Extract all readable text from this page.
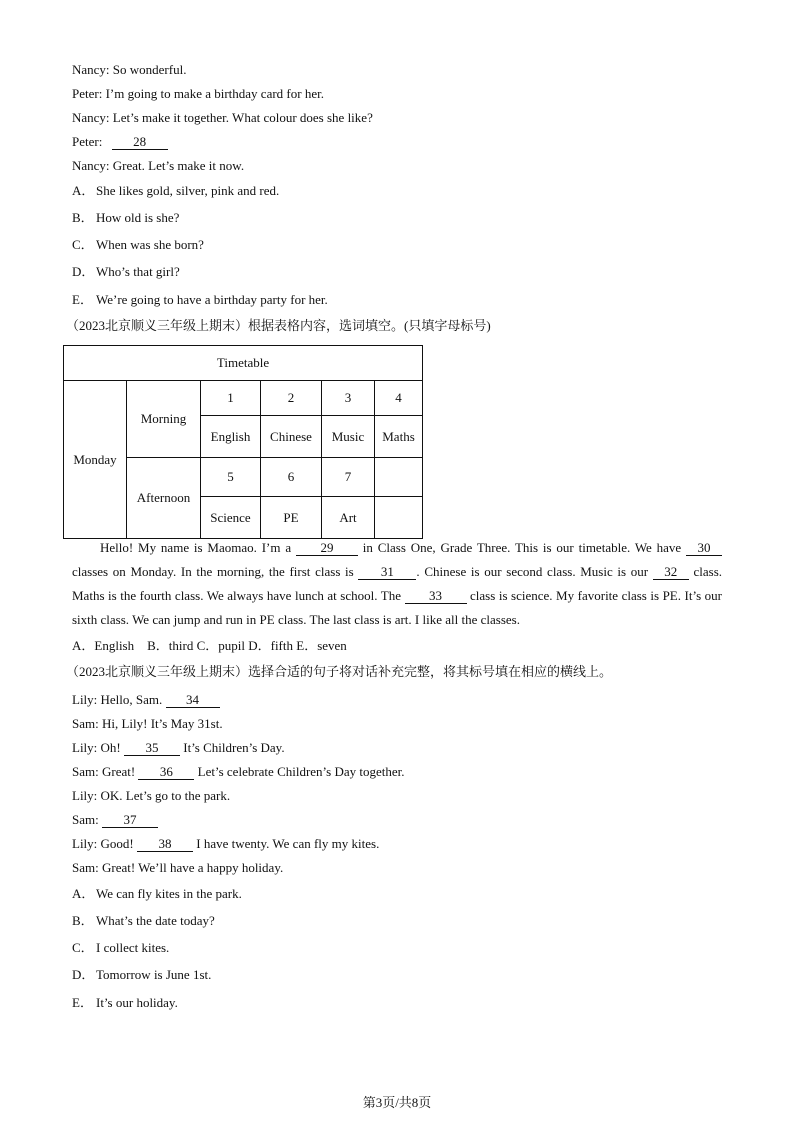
Nancy: So wonderful.
Peter: I’m going to make a birthday card for her.
Nancy: Let’s make it together. What colour does she like?
Peter: 28
Nancy: Great. Let’s make it now.
A． She likes gold, silver, pink and red.
B． How old is she?
C． When was she born?
D． Who’s that girl?
E． We’re going to have a birthday party for her.
（2023北京顺义三年级上期末）根据表格内容，选词填空。(只填字母标号)
Timetable					
Monday	Morning	1	2	3	4
		English	Chinese	Music	Maths
	Afternoon	5	6	7	
		Science	PE	Art	
Hello! My name is Maomao. I’m a 29 in Class One, Grade Three. This is our timetable. We have 30 classes on Monday. In the morning, the first class is 31 . Chinese is our second class. Music is our 32 class. Maths is the fourth class. We always have lunch at school. The 33 class is science. My favorite class is PE. It’s our sixth class. We can jump and run in PE class. The last class is art. I like all the classes.
A．English　B．third C．pupil D．fifth E．seven
（2023北京顺义三年级上期末）选择合适的句子将对话补充完整，将其标号填在相应的横线上。
Lily: Hello, Sam. 34
Sam: Hi, Lily! It’s May 31st.
Lily: Oh! 35 It’s Children’s Day.
Sam: Great! 36 Let’s celebrate Children’s Day together.
Lily: OK. Let’s go to the park.
Sam: 37
Lily: Good! 38 I have twenty. We can fly my kites.
Sam: Great! We’ll have a happy holiday.
A． We can fly kites in the park.
B． What’s the date today?
C． I collect kites.
D． Tomorrow is June 1st.
E． It’s our holiday.
第3页/共8页
